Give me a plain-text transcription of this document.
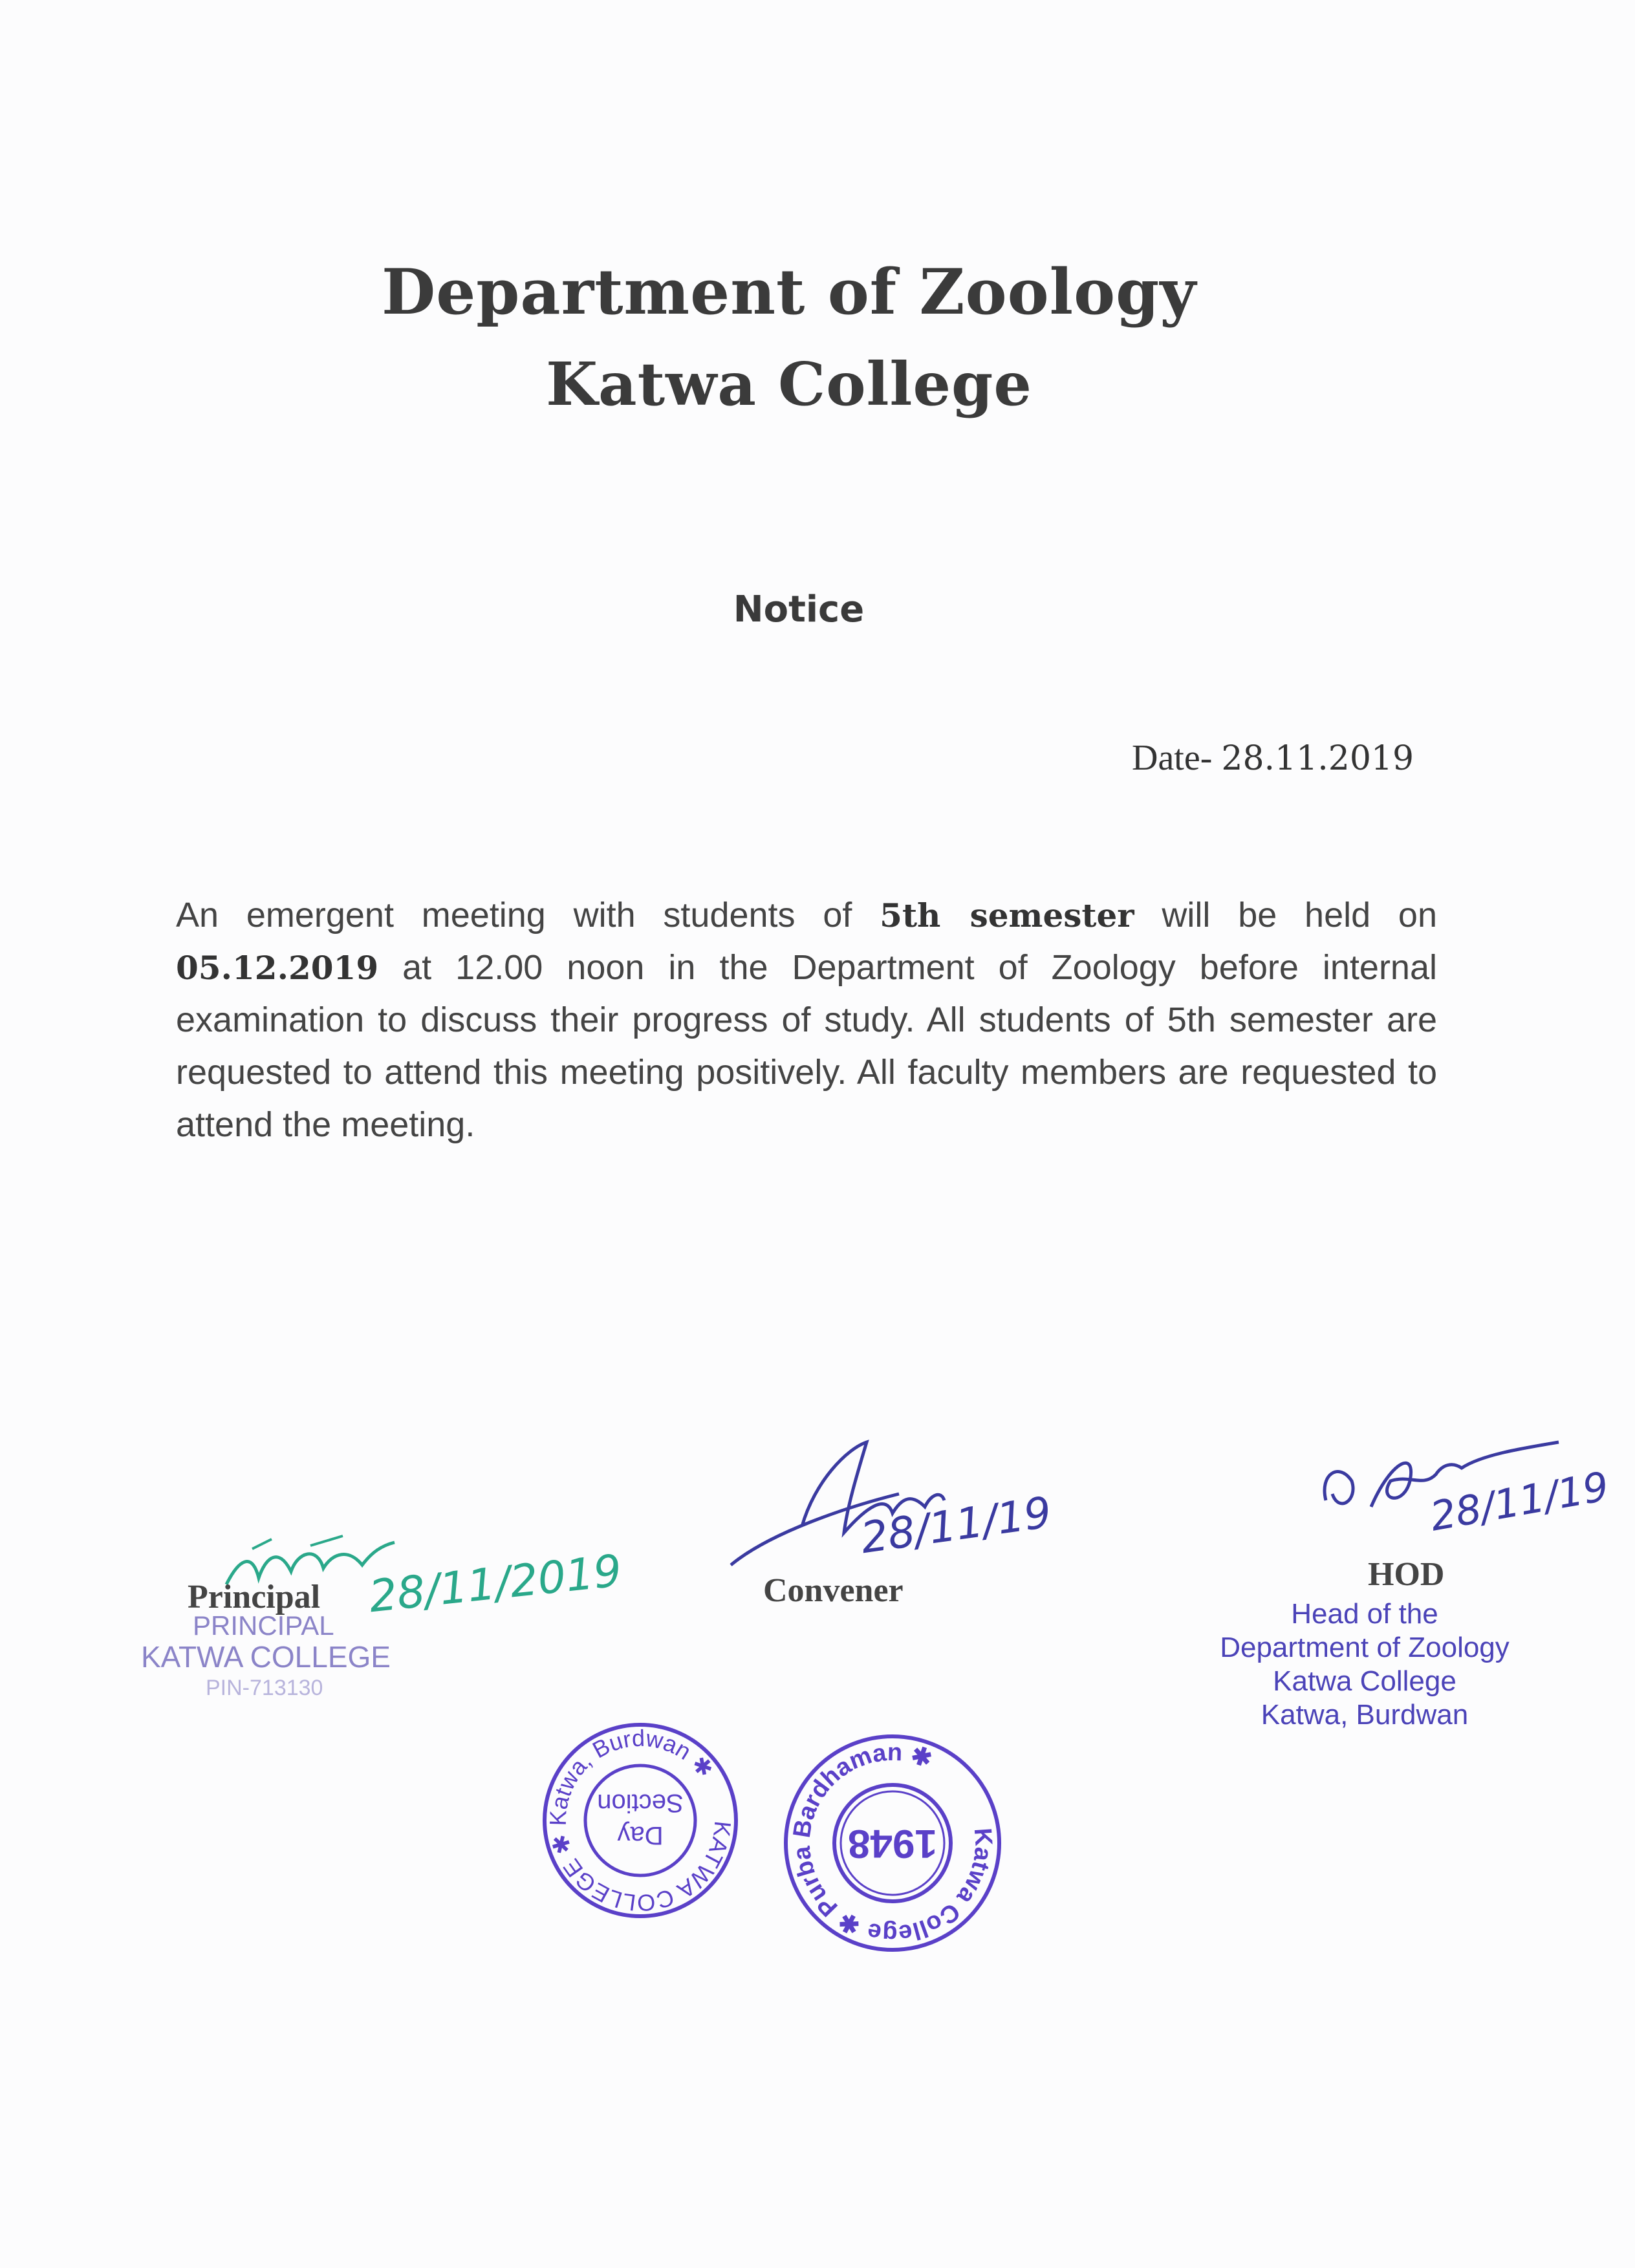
Department of Zoology
Katwa College
Notice
Date- 28.11.2019
An emergent meeting with students of 5th semester will be held on 05.12.2019 at 12.00 noon in the Department of Zoology before internal examination to discuss their progress of study. All students of 5th semester are requested to attend this meeting positively. All faculty members are requested to attend the meeting.
28/11/2019
Principal
PRINCIPAL
KATWA COLLEGE
PIN-713130
28/11/19
Convener
28/11/19
HOD
Head of the
Department of Zoology
Katwa College
Katwa, Burdwan
KATWA COLLEGE ✱ Katwa, Burdwan ✱
Day
Section
Katwa College ✱ Purba Bardhaman ✱
1948
